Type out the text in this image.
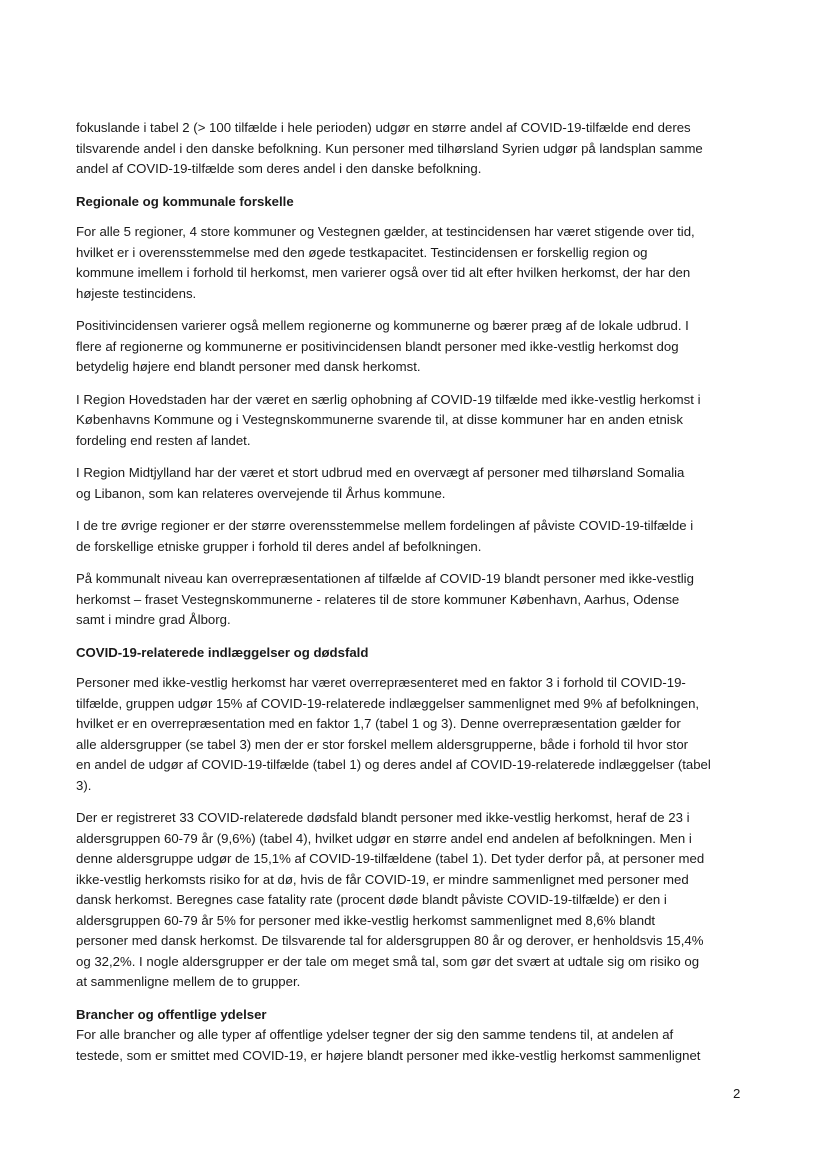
fokuslande i tabel 2 (> 100 tilfælde i hele perioden) udgør en større andel af COVID-19-tilfælde end deres
tilsvarende andel i den danske befolkning. Kun personer med tilhørsland Syrien udgør på landsplan samme
andel af COVID-19-tilfælde som deres andel i den danske befolkning.
Regionale og kommunale forskelle
For alle 5 regioner, 4 store kommuner og Vestegnen gælder, at testincidensen har været stigende over tid,
hvilket er i overensstemmelse med den øgede testkapacitet. Testincidensen er forskellig region og
kommune imellem i forhold til herkomst, men varierer også over tid alt efter hvilken herkomst, der har den
højeste testincidens.
Positivincidensen varierer også mellem regionerne og kommunerne og bærer præg af de lokale udbrud. I
flere af regionerne og kommunerne er positivincidensen blandt personer med ikke-vestlig herkomst dog
betydelig højere end blandt personer med dansk herkomst.
I Region Hovedstaden har der været en særlig ophobning af COVID-19 tilfælde med ikke-vestlig herkomst i
Københavns Kommune og i Vestegnskommunerne svarende til, at disse kommuner har en anden etnisk
fordeling end resten af landet.
I Region Midtjylland har der været et stort udbrud med en overvægt af personer med tilhørsland Somalia
og Libanon, som kan relateres overvejende til Århus kommune.
I de tre øvrige regioner er der større overensstemmelse mellem fordelingen af påviste COVID-19-tilfælde i
de forskellige etniske grupper i forhold til deres andel af befolkningen.
På kommunalt niveau kan overrepræsentationen af tilfælde af COVID-19 blandt personer med ikke-vestlig
herkomst – fraset Vestegnskommunerne - relateres til de store kommuner København, Aarhus, Odense
samt i mindre grad Ålborg.
COVID-19-relaterede indlæggelser og dødsfald
Personer med ikke-vestlig herkomst har været overrepræsenteret med en faktor 3 i forhold til COVID-19-
tilfælde, gruppen udgør 15% af COVID-19-relaterede indlæggelser sammenlignet med 9% af befolkningen,
hvilket er en overrepræsentation med en faktor 1,7 (tabel 1 og 3). Denne overrepræsentation gælder for
alle aldersgrupper (se tabel 3) men der er stor forskel mellem aldersgrupperne, både i forhold til hvor stor
en andel de udgør af COVID-19-tilfælde (tabel 1) og deres andel af COVID-19-relaterede indlæggelser (tabel
3).
Der er registreret 33 COVID-relaterede dødsfald blandt personer med ikke-vestlig herkomst, heraf de 23 i
aldersgruppen 60-79 år (9,6%) (tabel 4), hvilket udgør en større andel end andelen af befolkningen. Men i
denne aldersgruppe udgør de 15,1% af COVID-19-tilfældene (tabel 1). Det tyder derfor på, at personer med
ikke-vestlig herkomsts risiko for at dø, hvis de får COVID-19, er mindre sammenlignet med personer med
dansk herkomst. Beregnes case fatality rate (procent døde blandt påviste COVID-19-tilfælde) er den i
aldersgruppen 60-79 år 5% for personer med ikke-vestlig herkomst sammenlignet med 8,6% blandt
personer med dansk herkomst. De tilsvarende tal for aldersgruppen 80 år og derover, er henholdsvis 15,4%
og 32,2%. I nogle aldersgrupper er der tale om meget små tal, som gør det svært at udtale sig om risiko og
at sammenligne mellem de to grupper.
Brancher og offentlige ydelser
For alle brancher og alle typer af offentlige ydelser tegner der sig den samme tendens til, at andelen af
testede, som er smittet med COVID-19, er højere blandt personer med ikke-vestlig herkomst sammenlignet
2
